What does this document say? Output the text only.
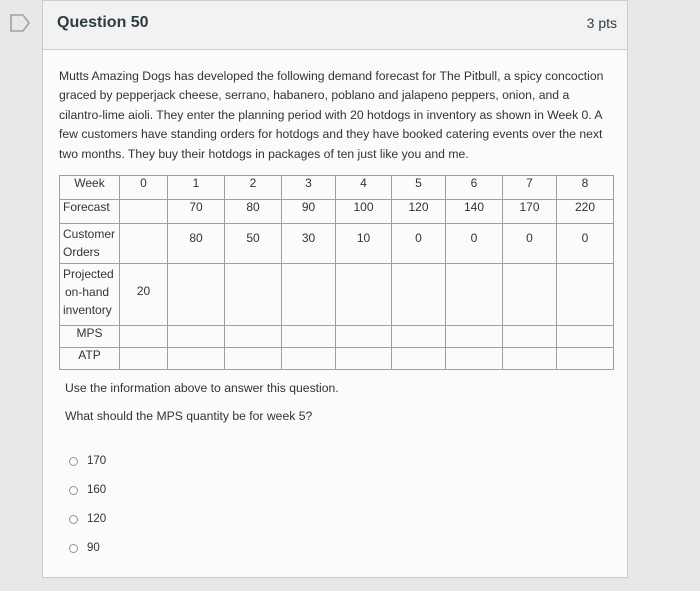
Question 50	3 pts
Mutts Amazing Dogs has developed the following demand forecast for The Pitbull, a spicy concoction graced by pepperjack cheese, serrano, habanero, poblano and jalapeno peppers, onion, and a cilantro-lime aioli. They enter the planning period with 20 hotdogs in inventory as shown in Week 0. A few customers have standing orders for hotdogs and they have booked catering events over the next two months. They buy their hotdogs in packages of ten just like you and me.
Week	0	1	2	3	4	5	6	7	8
Forecast		70	80	90	100	120	140	170	220

Customer
Orders		80	50	30	10	0	0	0	0

Projected
on-hand
inventory	20								

MPS									
ATP									
Use the information above to answer this question.
What should the MPS quantity be for week 5?
170
160
120
90
